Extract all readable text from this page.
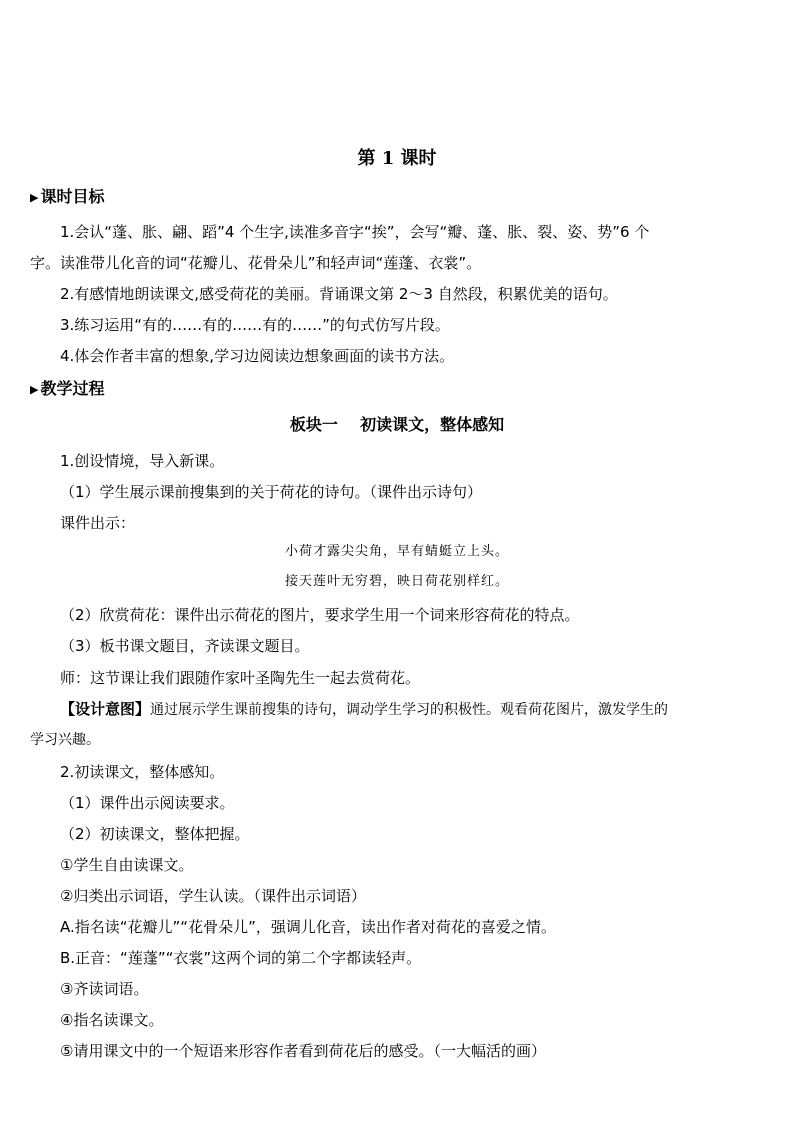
第 1 课时
▶ 课时目标
1.会认“蓬、胀、翩、蹈”4 个生字,读准多音字“挨”，会写“瓣、蓬、胀、裂、姿、势”6 个
字。读准带儿化音的词“花瓣儿、花骨朵儿”和轻声词“莲蓬、衣裳”。
2.有感情地朗读课文,感受荷花的美丽。背诵课文第 2～3 自然段，积累优美的语句。
3.练习运用“有的……有的……有的……”的句式仿写片段。
4.体会作者丰富的想象,学习边阅读边想象画面的读书方法。
▶ 教学过程
板块一    初读课文，整体感知
1.创设情境，导入新课。
（1）学生展示课前搜集到的关于荷花的诗句。（课件出示诗句）
课件出示：
小荷才露尖尖角，早有蜻蜓立上头。
接天莲叶无穷碧，映日荷花别样红。
（2）欣赏荷花：课件出示荷花的图片，要求学生用一个词来形容荷花的特点。
（3）板书课文题目，齐读课文题目。
师：这节课让我们跟随作家叶圣陶先生一起去赏荷花。
【设计意图】通过展示学生课前搜集的诗句，调动学生学习的积极性。观看荷花图片，激发学生的
学习兴趣。
2.初读课文，整体感知。
（1）课件出示阅读要求。
（2）初读课文，整体把握。
①学生自由读课文。
②归类出示词语，学生认读。（课件出示词语）
A.指名读“花瓣儿”“花骨朵儿”，强调儿化音，读出作者对荷花的喜爱之情。
B.正音：“莲蓬”“衣裳”这两个词的第二个字都读轻声。
③齐读词语。
④指名读课文。
⑤请用课文中的一个短语来形容作者看到荷花后的感受。（一大幅活的画）
